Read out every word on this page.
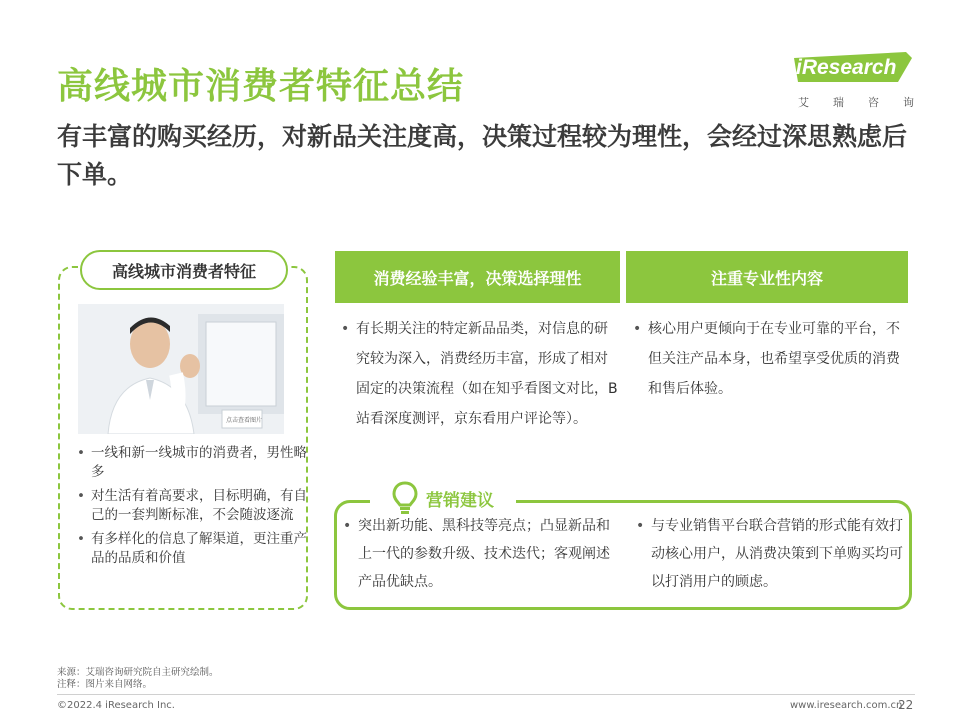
高线城市消费者特征总结
有丰富的购买经历，对新品关注度高，决策过程较为理性，会经过深思熟虑后下单。
iResearch
艾 瑞 咨 询
高线城市消费者特征
点击查看图片
• 一线和新一线城市的消费者，男性略多
• 对生活有着高要求，目标明确，有自己的一套判断标准，不会随波逐流
• 有多样化的信息了解渠道，更注重产品的品质和价值
消费经验丰富，决策选择理性	注重专业性内容
• 有长期关注的特定新品品类，对信息的研究较为深入，消费经历丰富，形成了相对固定的决策流程（如在知乎看图文对比，B站看深度测评，京东看用户评论等）。
• 核心用户更倾向于在专业可靠的平台，不但关注产品本身，也希望享受优质的消费和售后体验。
营销建议
• 突出新功能、黑科技等亮点；凸显新品和上一代的参数升级、技术迭代；客观阐述产品优缺点。
• 与专业销售平台联合营销的形式能有效打动核心用户，从消费决策到下单购买均可以打消用户的顾虑。
来源：艾瑞咨询研究院自主研究绘制。
注释：图片来自网络。
©2022.4 iResearch Inc.	www.iresearch.com.cn
22
